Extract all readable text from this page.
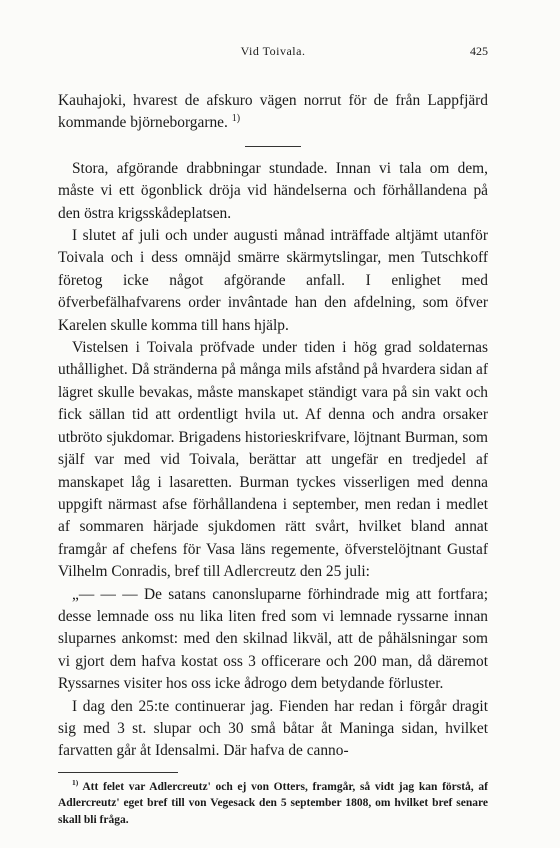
Vid Toivala.	425

Kauhajoki, hvarest de afskuro vägen norrut för de från Lappfjärd kommande björneborgarne. $^{1)}$

Stora, afgörande drabbningar stundade. Innan vi tala om dem, måste vi ett ögonblick dröja vid händelserna och förhållandena på den östra krigsskådeplatsen.

I slutet af juli och under augusti månad inträffade altjämt utanför Toivala och i dess omnäjd smärre skärmytslingar, men Tutschkoff företog icke något afgörande anfall. I enlighet med öfverbefälhafvarens order invântade han den afdelning, som öfver Karelen skulle komma till hans hjälp.

Vistelsen i Toivala pröfvade under tiden i hög grad soldaternas uthållighet. Då stränderna på många mils afstånd på hvardera sidan af lägret skulle bevakas, måste manskapet ständigt vara på sin vakt och fick sällan tid att ordentligt hvila ut. Af denna och andra orsaker utbröto sjukdomar. Brigadens historieskrifvare, löjtnant Burman, som själf var med vid Toivala, berättar att ungefär en tredjedel af manskapet låg i lasaretten. Burman tyckes visserligen med denna uppgift närmast afse förhållandena i september, men redan i medlet af sommaren härjade sjukdomen rätt svårt, hvilket bland annat framgår af chefens för Vasa läns regemente, öfverstelöjtnant Gustaf Vilhelm Conradis, bref till Adlercreutz den 25 juli:

„— — — De satans canonsluparne förhindrade mig att fortfara; desse lemnade oss nu lika liten fred som vi lemnade ryssarne innan sluparnes ankomst: med den skilnad likväl, att de påhälsningar som vi gjort dem hafva kostat oss 3 officerare och 200 man, då däremot Ryssarnes visiter hos oss icke ådrogo dem betydande förluster.

I dag den 25:te continuerar jag. Fienden har redan i förgår dragit sig med 3 st. slupar och 30 små båtar åt Maninga sidan, hvilket farvatten går åt Idensalmi. Där hafva de canno-

$^{1)}$ Att felet var Adlercreutz' och ej von Otters, framgår, så vidt jag kan förstå, af Adlercreutz' eget bref till von Vegesack den 5 september 1808, om hvilket bref senare skall bli fråga.
